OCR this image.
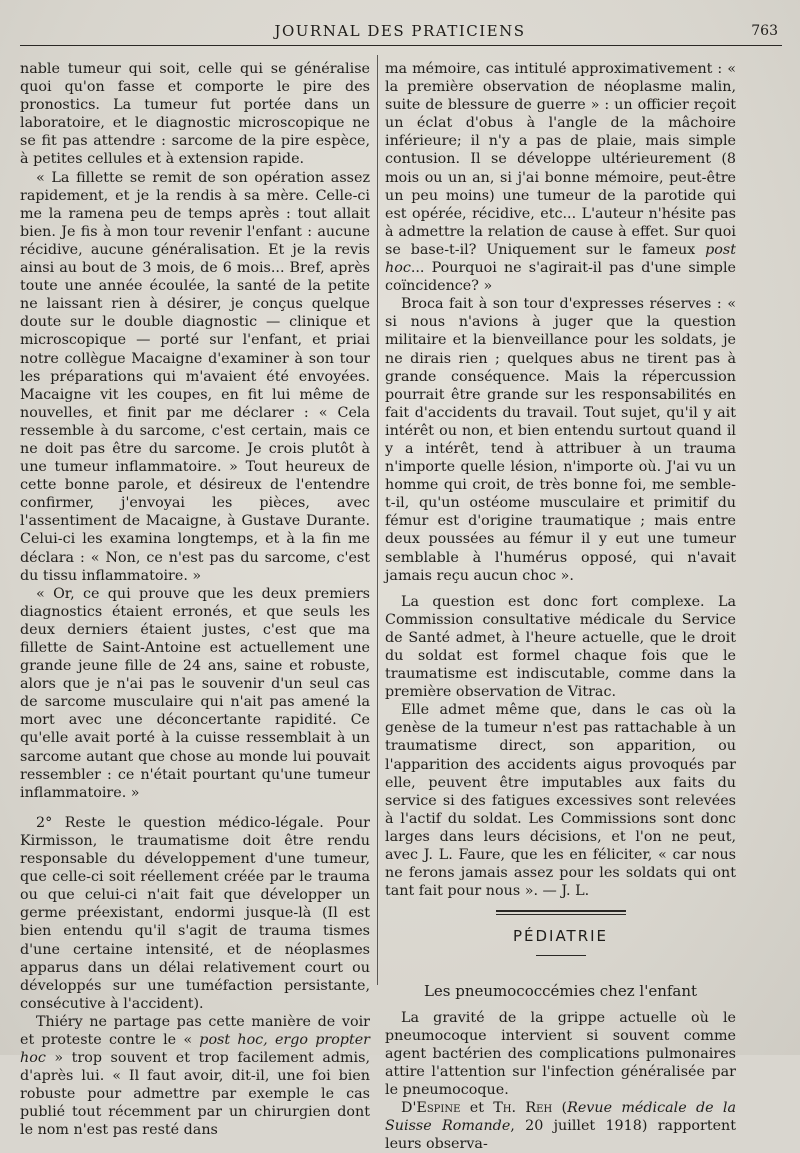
JOURNAL DES PRATICIENS	763

nable tumeur qui soit, celle qui se généralise quoi qu'on fasse et comporte le pire des pronostics. La tumeur fut portée dans un laboratoire, et le diagnostic microscopique ne se fit pas attendre : sarcome de la pire espèce, à petites cellules et à extension rapide.

« La fillette se remit de son opération assez rapidement, et je la rendis à sa mère. Celle-ci me la ramena peu de temps après : tout allait bien. Je fis à mon tour revenir l'enfant : aucune récidive, aucune généralisation. Et je la revis ainsi au bout de 3 mois, de 6 mois... Bref, après toute une année écoulée, la santé de la petite ne laissant rien à désirer, je conçus quelque doute sur le double diagnostic — clinique et microscopique — porté sur l'enfant, et priai notre collègue Macaigne d'examiner à son tour les préparations qui m'avaient été envoyées. Macaigne vit les coupes, en fit lui même de nouvelles, et finit par me déclarer : « Cela ressemble à du sarcome, c'est certain, mais ce ne doit pas être du sarcome. Je crois plutôt à une tumeur inflammatoire. » Tout heureux de cette bonne parole, et désireux de l'entendre confirmer, j'envoyai les pièces, avec l'assentiment de Macaigne, à Gustave Durante. Celui-ci les examina longtemps, et à la fin me déclara : « Non, ce n'est pas du sarcome, c'est du tissu inflammatoire. »

« Or, ce qui prouve que les deux premiers diagnostics étaient erronés, et que seuls les deux derniers étaient justes, c'est que ma fillette de Saint-Antoine est actuellement une grande jeune fille de 24 ans, saine et robuste, alors que je n'ai pas le souvenir d'un seul cas de sarcome musculaire qui n'ait pas amené la mort avec une déconcertante rapidité. Ce qu'elle avait porté à la cuisse ressemblait à un sarcome autant que chose au monde lui pouvait ressembler : ce n'était pourtant qu'une tumeur inflammatoire. »

2° Reste le question médico-légale. Pour Kirmisson, le traumatisme doit être rendu responsable du développement d'une tumeur, que celle-ci soit réellement créée par le trauma ou que celui-ci n'ait fait que développer un germe préexistant, endormi jusque-là (Il est bien entendu qu'il s'agit de trauma tismes d'une certaine intensité, et de néoplasmes apparus dans un délai relativement court ou développés sur une tuméfaction persistante, consécutive à l'accident).

Thiéry ne partage pas cette manière de voir et proteste contre le « post hoc, ergo propter hoc » trop souvent et trop facilement admis, d'après lui. « Il faut avoir, dit-il, une foi bien robuste pour admettre par exemple le cas publié tout récemment par un chirurgien dont le nom n'est pas resté dans

ma mémoire, cas intitulé approximativement : « la première observation de néoplasme malin, suite de blessure de guerre » : un officier reçoit un éclat d'obus à l'angle de la mâchoire inférieure; il n'y a pas de plaie, mais simple contusion. Il se développe ultérieurement (8 mois ou un an, si j'ai bonne mémoire, peut-être un peu moins) une tumeur de la parotide qui est opérée, récidive, etc... L'auteur n'hésite pas à admettre la relation de cause à effet. Sur quoi se base-t-il? Uniquement sur le fameux post hoc... Pourquoi ne s'agirait-il pas d'une simple coïncidence? »

Broca fait à son tour d'expresses réserves : « si nous n'avions à juger que la question militaire et la bienveillance pour les soldats, je ne dirais rien ; quelques abus ne tirent pas à grande conséquence. Mais la répercussion pourrait être grande sur les responsabilités en fait d'accidents du travail. Tout sujet, qu'il y ait intérêt ou non, et bien entendu surtout quand il y a intérêt, tend à attribuer à un trauma n'importe quelle lésion, n'importe où. J'ai vu un homme qui croit, de très bonne foi, me semble-t-il, qu'un ostéome musculaire et primitif du fémur est d'origine traumatique ; mais entre deux poussées au fémur il y eut une tumeur semblable à l'humérus opposé, qui n'avait jamais reçu aucun choc ».

La question est donc fort complexe. La Commission consultative médicale du Service de Santé admet, à l'heure actuelle, que le droit du soldat est formel chaque fois que le traumatisme est indiscutable, comme dans la première observation de Vitrac.

Elle admet même que, dans le cas où la genèse de la tumeur n'est pas rattachable à un traumatisme direct, son apparition, ou l'apparition des accidents aigus provoqués par elle, peuvent être imputables aux faits du service si des fatigues excessives sont relevées à l'actif du soldat. Les Commissions sont donc larges dans leurs décisions, et l'on ne peut, avec J. L. Faure, que les en féliciter, « car nous ne ferons jamais assez pour les soldats qui ont tant fait pour nous ». — J. L.

PÉDIATRIE

Les pneumococcémies chez l'enfant

La gravité de la grippe actuelle où le pneumocoque intervient si souvent comme agent bactérien des complications pulmonaires attire l'attention sur l'infection généralisée par le pneumocoque.

D'Espine et Th. Reh (Revue médicale de la Suisse Romande, 20 juillet 1918) rapportent leurs observa-
